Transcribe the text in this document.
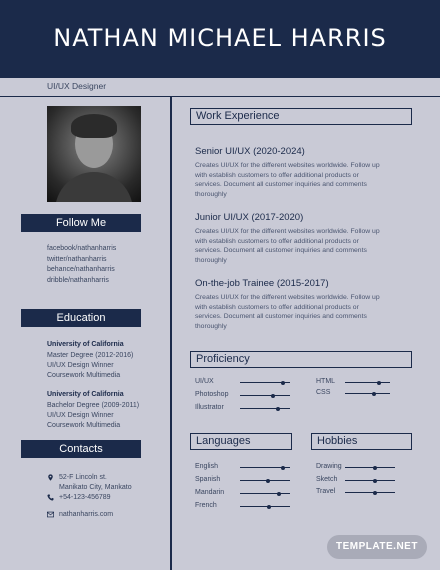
NATHAN MICHAEL HARRIS
UI/UX Designer
Follow Me
facebook/nathanharris
twitter/nathanharris
behance/nathanharris
dribble/nathanharris
Education
University of California
Master Degree (2012-2016)
UI/UX Design Winner
Coursework Multimedia
University of California
Bachelor Degree (2009-2011)
UI/UX Design Winner
Coursework Multimedia
Contacts
52-F Lincoln st.
Manikato City, Mankato
+54-123-456789
nathanharris.com
Work Experience
Senior UI/UX (2020-2024)
Creates UI/UX for the different websites worldwide. Follow up with establish customers to offer additional products or services. Document all customer inquiries and comments thoroughly
Junior UI/UX (2017-2020)
Creates UI/UX for the different websites worldwide. Follow up with establish customers to offer additional products or services. Document all customer inquiries and comments thoroughly
On-the-job Trainee (2015-2017)
Creates UI/UX for the different websites worldwide. Follow up with establish customers to offer additional products or services. Document all customer inquiries and comments thoroughly
Proficiency
UI/UX
Photoshop
Illustrator
HTML
CSS
Languages
English
Spanish
Mandarin
French
Hobbies
Drawing
Sketch
Travel
TEMPLATE.NET
